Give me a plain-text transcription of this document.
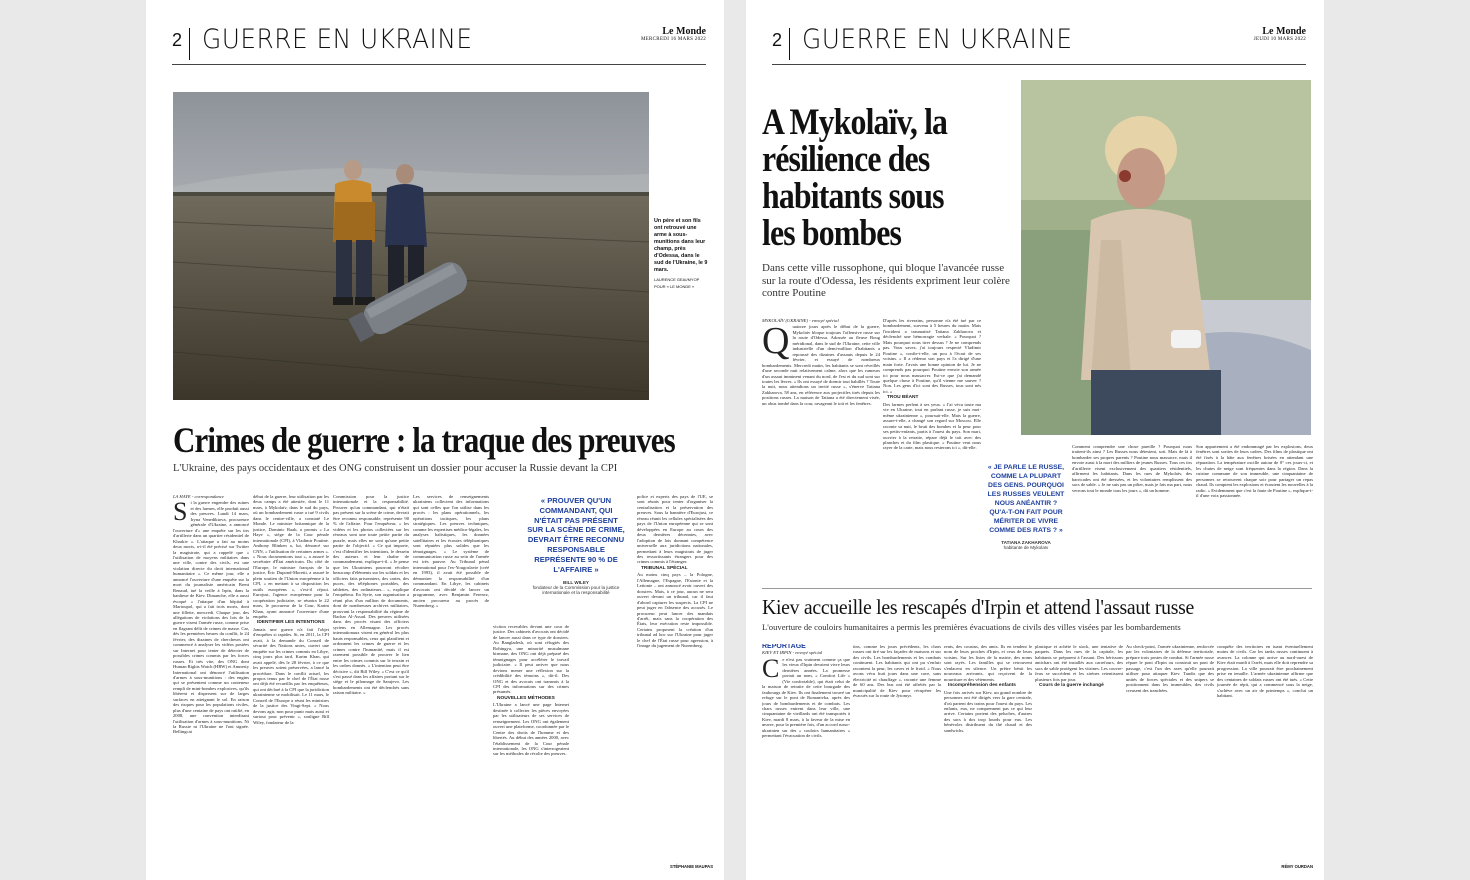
2 GUERRE EN UKRAINE	Le Monde
MERCREDI 16 MARS 2022
Un père et son fils ont retrouvé une arme à sous-munitions dans leur champ, près d'Odessa, dans le sud de l'Ukraine, le 9 mars.
LAURENCE GEAI/MYOP POUR « LE MONDE »
Crimes de guerre : la traque des preuves
L'Ukraine, des pays occidentaux et des ONG construisent un dossier pour accuser la Russie devant la CPI

LA HAYE - correspondance

Si la guerre engendre des ruines et des larmes, elle produit aussi des preuves. Lundi 14 mars, Iryna Venediktova, procureure générale d'Ukraine, a annoncé l'ouverture d'« une enquête sur les tirs d'artillerie dans un quartier résidentiel de Kharkiv ». L'attaque a fait au moins deux morts, a-t-il été précisé sur Twitter la magistrate, qui a rappelé que « l'utilisation de moyens militaires dans une ville, contre des civils, est une violation directe du droit international humanitaire ». Ce même jour, elle a annoncé l'ouverture d'une enquête sur la mort du journaliste américain Brent Renaud, tué la veille à Irpin, dans la banlieue de Kiev. Dimanche, elle a aussi évoqué « l'attaque d'un hôpital à Marioupol, qui a fait trois morts, dont une fillette, mercredi. Chaque jour, des allégations de violations des lois de la guerre visent l'armée russe, comme prise en flagrant délit de crimes de masse. Car, dès les premières heures du conflit, le 24 février, des dizaines de chercheurs ont commencé à analyser les vidéos postées sur Internet pour tenter de détecter de possibles crimes commis par les forces russes. Et très vite, des ONG dont Human Rights Watch (HRW) et Amnesty International ont dénoncé l'utilisation d'armes à sous-munitions : des engins qui se présentent comme un conteneur rempli de mini-bombes explosives, qu'ils libèrent et dispersent sur de larges surfaces en atteignant le sol. En raison des risques pour les populations civiles, plus d'une centaine de pays ont ratifié, en 2008, une convention interdisant l'utilisation d'armes à sous-munitions. Ni la Russie ni l'Ukraine ne l'ont signée. Bellingcat

début de la guerre, leur utilisation par les deux camps a été attestée, dont le 11 mars, à Mykolaïv, dans le sud du pays, où un bombardement russe a tué 9 civils dans le centre-ville, a constaté Le Monde. Le ministre britannique de la justice, Dominic Raab, a promis « La Haye », siège de la Cour pénale internationale (CPI), à Vladimir Poutine. Anthony Blinken a, lui, dénoncé sur CNN, « l'utilisation de certaines armes ». « Nous documentons tout », a assuré le secrétaire d'État américain. Du côté de l'Europe, le ministre français de la justice, Éric Dupond-Moretti, a assuré le plein soutien de l'Union européenne à la CPI, « en mettant à sa disposition les outils européens », s'est-il réjoui. Eurojust, l'agence européenne pour la coopération judiciaire, se réunira le 22 mars, le procureur de la Cour, Karim Khan, ayant annoncé l'ouverture d'une enquête.

IDENTIFIER LES INTENTIONS

Jamais une guerre n'a fait l'objet d'enquêtes si rapides. Si, en 2011, la CPI avait, à la demande du Conseil de sécurité des Nations unies, ouvert une enquête sur les crimes commis en Libye, cinq jours plus tard, Karim Khan, qui avait appelé, dès le 28 février, à ce que les preuves soient préservées, a lancé la procédure. Dans le conflit actuel, les propos tenus par le chef de l'État russe ont déjà été recueillis par les enquêteurs, qui ont déclaré à la CPI que la juridiction ukrainienne se mobilisait. Le 11 mars, le Conseil de l'Europe a réuni les ministres de la justice des Vingt-Sept. « Nous devons agir, non pour punir mais aussi et surtout pour prévenir », souligne Bill Wiley, fondateur de la

Commission pour la justice internationale et la responsabilité. Prouver qu'un commandant, qui n'était pas présent sur la scène de crime, devrait être reconnu responsable, représente 90 % de l'affaire. Pour l'enquêteur, « les vidéos et les photos collectées sur les réseaux sont une toute petite partie du puzzle, mais elles ne sont qu'une petite partie de l'objectif. » Ce qui importe, c'est d'identifier les intentions, le dessein des auteurs et leur chaîne de commandement, explique-t-il. « Je pense que les Ukrainiens pourront récolter beaucoup d'éléments sur les soldats et les officiers faits prisonniers, des cartes, des puces, des téléphones portables, des tablettes, des ordinateurs... », explique l'enquêteur. En Syrie, son organisation a réuni plus d'un million de documents, dont de nombreuses archives militaires, prouvant la responsabilité du régime de Bachar Al-Assad. Des preuves utilisées dans des procès visant des officiers syriens en Allemagne. Les procès internationaux visent en général les plus hauts responsables, ceux qui planifient et ordonnent les crimes de guerre et les crimes contre l'humanité, mais il est rarement possible de prouver le lien entre les crimes commis sur le terrain et les ordres donnés. « L'intention peut être décisive », dit Bill Wiley. « C'est ce qu'il s'est passé dans les affaires portant sur le siège et le pilonnage de Sarajevo. Les bombardements ont été déclenchés sans raison militaire. »

Les services de renseignements ukrainiens collectent des informations qui sont celles que l'on utilise dans les procès : les plans opérationnels, les opérations tactiques, les plans stratégiques. Les preuves techniques, comme les expertises médico-légales, les analyses balistiques, les données satellitaires et les écoutes téléphoniques sont réputées plus solides que les témoignages. « Le système de communication russe au sein de l'armée est très pauvre. Au Tribunal pénal international pour l'ex-Yougoslavie (créé en 1993), il avait été possible de démontrer la responsabilité d'un commandant. En Libye, les cabinets d'avocats ont décidé de lancer un programme, avec Benjamin Ferencz, ancien procureur au procès de Nuremberg. »

« PROUVER QU'UN COMMANDANT, QUI N'ÉTAIT PAS PRÉSENT SUR LA SCÈNE DE CRIME, DEVRAIT ÊTRE RECONNU RESPONSABLE REPRÉSENTE 90 % DE L'AFFAIRE »
BILL WILEY
fondateur de la Commission pour la justice internationale et la responsabilité

viction recevables devant une cour de justice. Des cabinets d'avocats ont décidé de lancer aussi dans ce type de dossiers. Au Bangladesh, où sont réfugiés des Rohingya, une minorité musulmane birmane, des ONG ont déjà préparé des témoignages pour accélérer le travail judiciaire. « Il peut arriver que nous devions mener une réflexion sur la crédibilité des témoins », dit-il. Des ONG et des avocats ont transmis à la CPI des informations sur des crimes présumés.

NOUVELLES MÉTHODES

L'Ukraine a lancé une page Internet destinée à collecter les pièces envoyées par les utilisateurs de ses services de renseignement. Les ONG ont également ouvert une plateforme, coordonnée par le Centre des droits de l'homme et des libertés. Au début des années 2000, avec l'établissement de la Cour pénale internationale, les ONG s'interrogeaient sur les méthodes de récolte des preuves.

police et experts des pays de l'UE, se sont réunis pour tenter d'organiser la centralisation et la préservation des preuves. Sous la bannière d'Eurojust, ce réseau réunit les cellules spécialisées des pays de l'Union européenne qui se sont développées en Europe au cours des deux dernières décennies, avec l'adoption de lois donnant compétence universelle aux juridictions nationales, permettant à leurs magistrats de juger des ressortissants étrangers pour des crimes commis à l'étranger.

TRIBUNAL SPÉCIAL

Au moins cinq pays – la Pologne, l'Allemagne, l'Espagne, l'Estonie et la Lettonie – ont annoncé avoir ouvert des dossiers. Mais, à ce jour, aucun ne sera ouvert devant un tribunal, car il faut d'abord capturer les suspects. La CPI ne peut juger en l'absence des accusés. Le procureur peut lancer des mandats d'arrêt, mais sans la coopération des États, leur exécution reste impossible. Certains proposent la création d'un tribunal ad hoc sur l'Ukraine pour juger le chef de l'État russe pour agression, à l'image du jugement de Nuremberg.

STÉPHANIE MAUPAS
2 GUERRE EN UKRAINE	Le Monde
JEUDI 10 MARS 2022
A Mykolaïv, la résilience des habitants sous les bombes
Dans cette ville russophone, qui bloque l'avancée russe sur la route d'Odessa, les résidents expriment leur colère contre Poutine

MYKOLAÏV (UKRAINE) - envoyé spécial

Quatorze jours après le début de la guerre, Mykolaïv bloque toujours l'offensive russe sur la route d'Odessa. Adossée au fleuve Boug méridional, dans le sud de l'Ukraine, cette ville industrielle d'un demi-million d'habitants a repoussé des dizaines d'assauts depuis le 24 février, et essuyé de nombreux bombardements. Mercredi matin, les habitants se sont réveillés d'une seconde nuit relativement calme, alors que les rumeurs d'un assaut imminent venant du nord, de l'est et du sud sont sur toutes les lèvres. « Ils ont essayé de dormir tout habillés ? Toute la nuit, nous attendions un invité russe », s'énerve Tatiana Zakharova, 58 ans, en référence aux projectiles tirés depuis les positions russes. La maison de Tatiana a été directement visée, un obus tombé dans la cour, ravageant le toit et les fenêtres.

D'après les riverains, personne n'a été tué par ce bombardement, survenu à 5 heures du matin. Mais l'incident a traumatisé Tatiana Zakharova et déclenché une hémorragie verbale. « Pourquoi ? Mais pourquoi nous tirer dessus ? Je ne comprends pas. Vous savez, j'ai toujours respecté Vladimir Poutine », confie-t-elle, un pou à l'écart de ses voisins. « Il a rédemo son pays et l'a dirigé d'une main forte. J'avais une bonne opinion de lui. Je ne comprends pas pourquoi Poutine envoie son armée ici pour nous massacrer. Est-ce que j'ai demandé quelque chose à Poutine, qu'il vienne me sauver ? Non. Les gens d'ici sont des Russes, tous sont nés ici. »

TROU BÉANT

Des larmes perlent à ses yeux. « J'ai vécu toute ma vie en Ukraine, tout en parlant russe, je suis moi-même ukrainienne », poursuit-elle. Mais la guerre, assure-t-elle, a changé son regard sur Moscou. Elle raconte sa nuit, le bruit des bombes et la peur pour ses petits-enfants, partis à l'ouest du pays. Son mari, ouvrier à la retraite, répare déjà le toit avec des planches et du film plastique. « Poutine veut nous rayer de la carte, mais nous resterons ici », dit-elle.

« JE PARLE LE RUSSE, COMME LA PLUPART DES GENS. POURQUOI LES RUSSES VEULENT NOUS ANÉANTIR ? QU'A-T-ON FAIT POUR MÉRITER DE VIVRE COMME DES RATS ? »
TATIANA ZAKHAROVA
habitante de Mykolaïv

Comment comprendre une chose pareille ? Pourquoi nous traitent-ils ainsi ? Les Russes nous détestent, soit. Mais de là à bombarder ses propres parents ? Poutine nous massacre, mais il envoie aussi à la mort des milliers de jeunes Russes. Tous ces tirs d'artillerie visent exclusivement des quartiers résidentiels, affirment les habitants. Dans les rues de Mykolaïv, des barricades ont été dressées, et les volontaires remplissent des sacs de sable. « Je ne suis pas un pilier, mais je fais ma part, nous verrons tout le monde tous les jours », dit un homme.

Son appartement a été endommagé par les explosions, deux fenêtres sont sorties de leurs cadres. Des films de plastique ont été fixés à la hâte aux fenêtres brisées en attendant une réparation. La température oscille autour de 0° ces jours-ci, et les chutes de neige sont fréquentes dans la région. Dans la cuisine commune de son immeuble, une cinquantaine de personnes se retrouvent chaque soir pour partager un repas chaud. Ils comptent les explosions et écoutent les nouvelles à la radio. « Evidemment que c'est la faute de Poutine », explique-t-il d'une voix passionnée.

Kiev accueille les rescapés d'Irpin et attend l'assaut russe
L'ouverture de couloirs humanitaires a permis les premières évacuations de civils des villes visées par les bombardements

REPORTAGE

KIEV ET IRPIN - envoyé spécial

Ce n'est pas vraiment comme ça que les vieux d'Irpin devaient vivre leurs dernières années. La promesse portait un nom, « Comfort Life » (Vie confortable), qui était celui de la maison de retraite de cette bourgade des faubourgs de Kiev. Ils ont finalement trouvé un refuge sur le pont de Romanivka, après des jours de bombardements et de combats. Les chars russes entrent dans leur ville, une cinquantaine de vieillards ont été transportés à Kiev, mardi 8 mars, à la faveur de la mise en œuvre, pour la première fois, d'un accord russo-ukrainien sur des « couloirs humanitaires » permettant l'évacuation de civils.

tins, comme les jours précédents, les chars russes ont tiré sur les façades de maisons et sur des civils. Les bombardements et les combats continuent. Les habitants qui ont pu s'enfuir racontent la peur, les caves et le froid. « Nous avons vécu huit jours dans une cave, sans électricité ni chauffage », raconte une femme de 60 ans. Des bus ont été affrétés par la municipalité de Kiev pour récupérer les évacués sur la route de Jytomyr.

rents, des cousins, des amis. Ils en tendent le nom de leurs proches d'Irpin, et ceux de leurs voisins. Sur les listes de la mairie, des noms sont rayés. Les familles qui se retrouvent s'enlacent en silence. Un prêtre bénit les nouveaux arrivants, qui reçoivent de la nourriture et des vêtements.

Incompréhension des enfants

Une fois arrivés sur Kiev, un grand nombre de personnes ont été dirigés vers la gare centrale, d'où partent des trains pour l'ouest du pays. Les enfants, eux, ne comprennent pas ce qui leur arrive. Certains portent des peluches, d'autres des sacs à dos trop lourds pour eux. Les bénévoles distribuent du thé chaud et des sandwichs.

plastique et achète le stock, une tentative de paquets. Dans les rues de la capitale, les habitants se préparent à l'assaut. Des hérissons antichars ont été installés aux carrefours, des sacs de sable protègent les vitrines. Les couvre-feux se succèdent et les sirènes retentissent plusieurs fois par jour.

Cours de la guerre inchangé

Au check-point, l'armée ukrainienne, renforcée par les volontaires de la défense territoriale, prépare trois postes de combat. Si l'armée russe répare le pont d'Irpin ou construit un pont de passage, c'est l'un des axes qu'elle pourrait utiliser pour attaquer Kiev. Tandis que des unités de forces spéciales et des snipers se positionnent dans les immeubles, des civils creusent des tranchées.

conquête des territoires en tuant éventuellement moins de civils. Car les tanks russes continuent à avancer. La colonne qui arrive au nord-ouest de Kiev était mardi à l'arrêt, mais elle doit reprendre sa progression. La ville pourrait être prochainement prise en tenaille. L'armée ukrainienne affirme que des centaines de soldats russes ont été tués. « Cette journée de répit, qui a commencé sous la neige, s'achève avec un air de printemps », conclut un habitant.

RÉMY OURDAN
